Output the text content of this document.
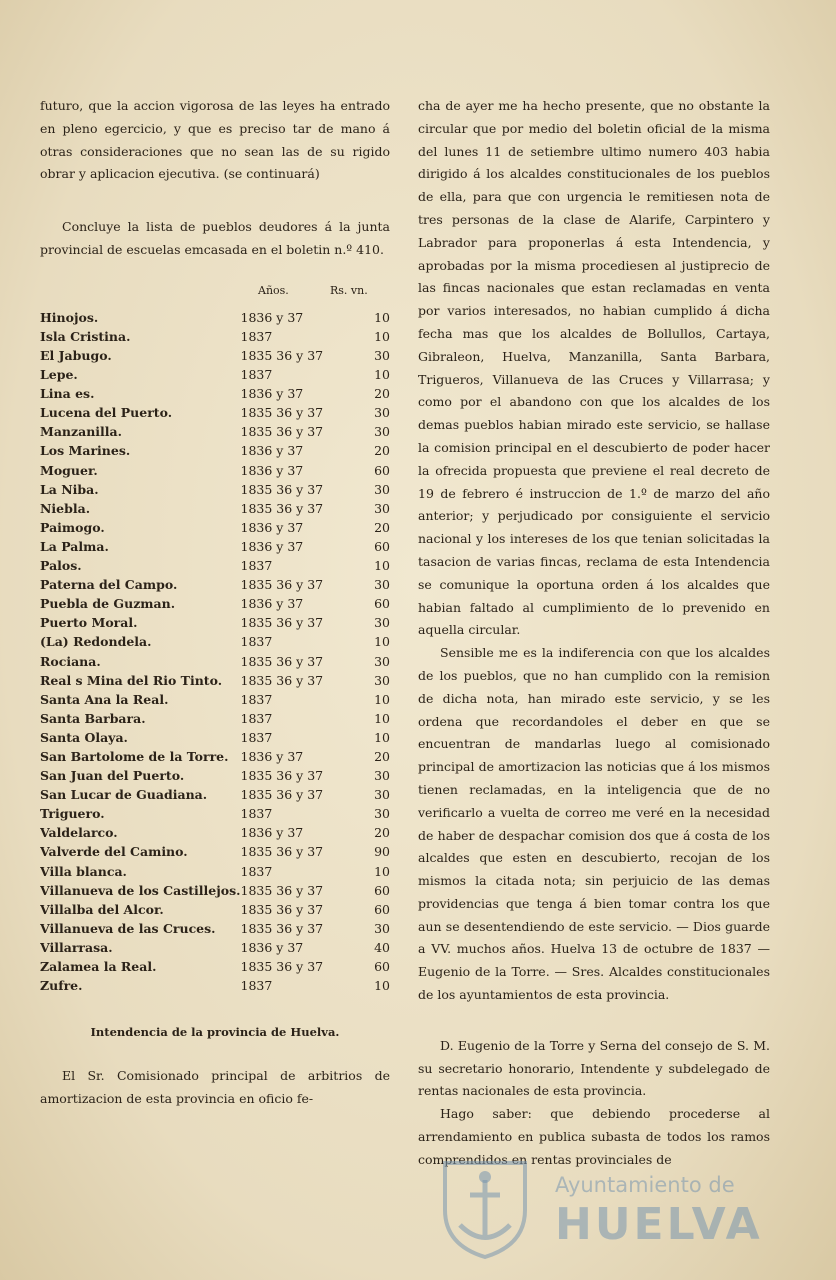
futuro, que la accion vigorosa de las leyes ha entrado en pleno egercicio, y que es preciso tar de mano á otras consideraciones que no sean las de su rigido obrar y aplicacion ejecutiva. (se continuará)

Concluye la lista de pueblos deudores á la junta provincial de escuelas emcasada en el boletin n.º 410.

Años.	Rs. vn.
Hinojos.	1836 y 37	10
Isla Cristina.	1837	10
El Jabugo.	1835 36 y 37	30
Lepe.	1837	10
Lina es.	1836 y 37	20
Lucena del Puerto.	1835 36 y 37	30
Manzanilla.	1835 36 y 37	30
Los Marines.	1836 y 37	20
Moguer.	1836 y 37	60
La Niba.	1835 36 y 37	30
Niebla.	1835 36 y 37	30
Paimogo.	1836 y 37	20
La Palma.	1836 y 37	60
Palos.	1837	10
Paterna del Campo.	1835 36 y 37	30
Puebla de Guzman.	1836 y 37	60
Puerto Moral.	1835 36 y 37	30
(La) Redondela.	1837	10
Rociana.	1835 36 y 37	30
Real s Mina del Rio Tinto.	1835 36 y 37	30
Santa Ana la Real.	1837	10
Santa Barbara.	1837	10
Santa Olaya.	1837	10
San Bartolome de la Torre.	1836 y 37	20
San Juan del Puerto.	1835 36 y 37	30
San Lucar de Guadiana.	1835 36 y 37	30
Triguero.	1837	30
Valdelarco.	1836 y 37	20
Valverde del Camino.	1835 36 y 37	90
Villa blanca.	1837	10
Villanueva de los Castillejos.	1835 36 y 37	60
Villalba del Alcor.	1835 36 y 37	60
Villanueva de las Cruces.	1835 36 y 37	30
Villarrasa.	1836 y 37	40
Zalamea la Real.	1835 36 y 37	60
Zufre.	1837	10

Intendencia de la provincia de Huelva.

El Sr. Comisionado principal de arbitrios de amortizacion de esta provincia en oficio fe-

cha de ayer me ha hecho presente, que no obstante la circular que por medio del boletin oficial de la misma del lunes 11 de setiembre ultimo numero 403 habia dirigido á los alcaldes constitucionales de los pueblos de ella, para que con urgencia le remitiesen nota de tres personas de la clase de Alarife, Carpintero y Labrador para proponerlas á esta Intendencia, y aprobadas por la misma procediesen al justiprecio de las fincas nacionales que estan reclamadas en venta por varios interesados, no habian cumplido á dicha fecha mas que los alcaldes de Bollullos, Cartaya, Gibraleon, Huelva, Manzanilla, Santa Barbara, Trigueros, Villanueva de las Cruces y Villarrasa; y como por el abandono con que los alcaldes de los demas pueblos habian mirado este servicio, se hallase la comision principal en el descubierto de poder hacer la ofrecida propuesta que previene el real decreto de 19 de febrero é instruccion de 1.º de marzo del año anterior; y perjudicado por consiguiente el servicio nacional y los intereses de los que tenian solicitadas la tasacion de varias fincas, reclama de esta Intendencia se comunique la oportuna orden á los alcaldes que habian faltado al cumplimiento de lo prevenido en aquella circular.

Sensible me es la indiferencia con que los alcaldes de los pueblos, que no han cumplido con la remision de dicha nota, han mirado este servicio, y se les ordena que recordandoles el deber en que se encuentran de mandarlas luego al comisionado principal de amortizacion las noticias que á los mismos tienen reclamadas, en la inteligencia que de no verificarlo a vuelta de correo me veré en la necesidad de haber de despachar comision dos que á costa de los alcaldes que esten en descubierto, recojan de los mismos la citada nota; sin perjuicio de las demas providencias que tenga á bien tomar contra los que aun se desentendiendo de este servicio. — Dios guarde a VV. muchos años. Huelva 13 de octubre de 1837 — Eugenio de la Torre. — Sres. Alcaldes constitucionales de los ayuntamientos de esta provincia.

D. Eugenio de la Torre y Serna del consejo de S. M. su secretario honorario, Intendente y subdelegado de rentas nacionales de esta provincia.

Hago saber: que debiendo procederse al arrendamiento en publica subasta de todos los ramos comprendidos en rentas provinciales de

Ayuntamiento de
HUELVA
